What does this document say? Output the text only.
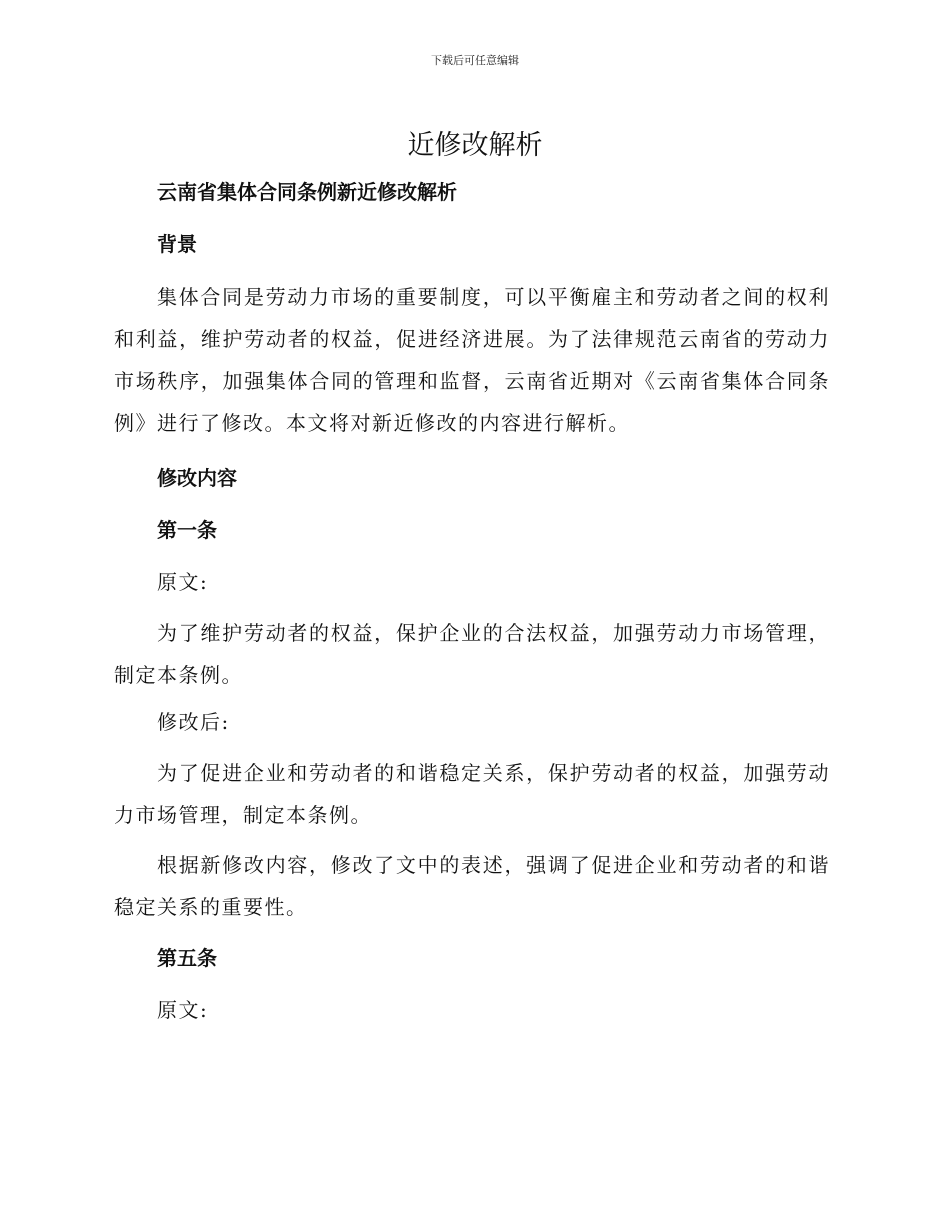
下载后可任意编辑
近修改解析

云南省集体合同条例新近修改解析

背景

集体合同是劳动力市场的重要制度，可以平衡雇主和劳动者之间的权利和利益，维护劳动者的权益，促进经济进展。为了法律规范云南省的劳动力市场秩序，加强集体合同的管理和监督，云南省近期对《云南省集体合同条例》进行了修改。本文将对新近修改的内容进行解析。

修改内容

第一条

原文:

为了维护劳动者的权益，保护企业的合法权益，加强劳动力市场管理，制定本条例。

修改后:

为了促进企业和劳动者的和谐稳定关系，保护劳动者的权益，加强劳动力市场管理，制定本条例。

根据新修改内容，修改了文中的表述，强调了促进企业和劳动者的和谐稳定关系的重要性。

第五条

原文:
